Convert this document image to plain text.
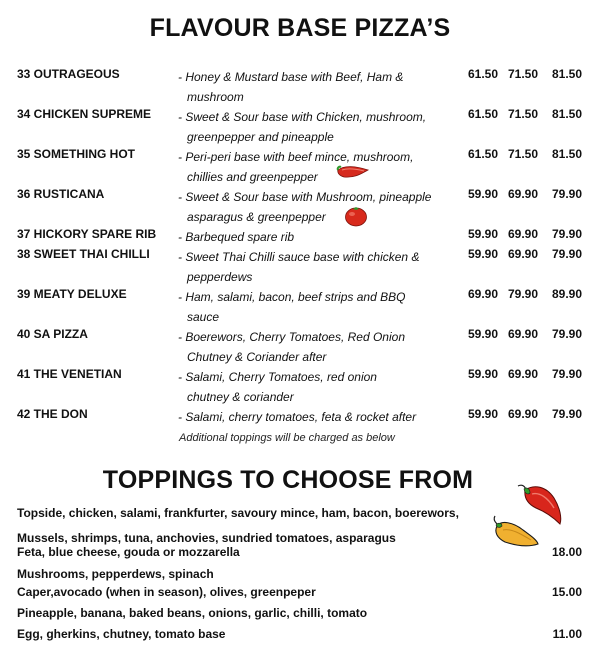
FLAVOUR BASE PIZZA’S
33 OUTRAGEOUS	- Honey & Mustard base with Beef, Ham &
mushroom
61.50 71.50	81.50
34 CHICKEN SUPREME - Sweet & Sour base with Chicken, mushroom,
greenpepper and pineapple
61.50 71.50	81.50
35 SOMETHING HOT	- Peri-peri base with beef mince, mushroom,
chillies and greenpepper
61.50 71.50	81.50
36 RUSTICANA	- Sweet & Sour base with Mushroom, pineapple
asparagus & greenpepper
59.90 69.90	79.90
37 HICKORY SPARE RIB - Barbequed spare rib	59.90 69.90	79.90
38 SWEET THAI CHILLI - Sweet Thai Chilli sauce base with chicken &
pepperdews
59.90 69.90	79.90
39 MEATY DELUXE	- Ham, salami, bacon, beef strips and BBQ
sauce
69.90 79.90	89.90
40 SA PIZZA	- Boerewors, Cherry Tomatoes, Red Onion
Chutney & Coriander after
59.90 69.90	79.90
41 THE VENETIAN	- Salami, Cherry Tomatoes, red onion
chutney & coriander
59.90 69.90	79.90
42 THE DON	- Salami, cherry tomatoes, feta & rocket after	59.90 69.90	79.90
Additional toppings will be charged as below
TOPPINGS TO CHOOSE FROM
Topside, chicken, salami, frankfurter, savoury mince, ham, bacon, boerewors,
Mussels, shrimps, tuna, anchovies, sundried tomatoes, asparagus
Feta, blue cheese, gouda or mozzarella	18.00
Mushrooms, pepperdews, spinach
Caper,avocado (when in season), olives, greenpeper	15.00
Pineapple, banana, baked beans, onions, garlic, chilli, tomato
Egg, gherkins, chutney, tomato base	11.00
